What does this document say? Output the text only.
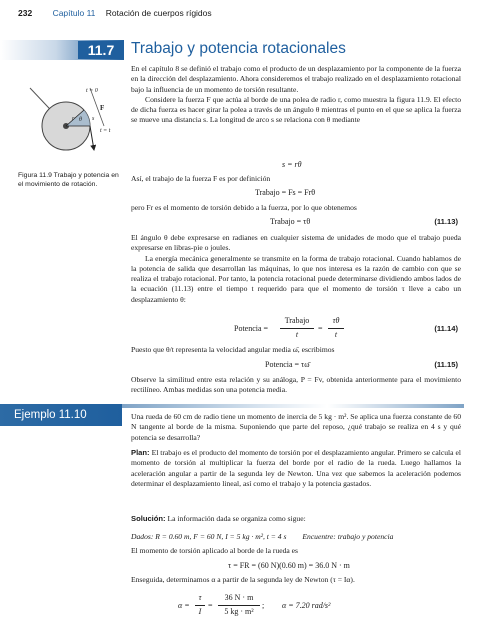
232 Capítulo 11 Rotación de cuerpos rígidos
11.7	Trabajo y potencia rotacionales
t = 0
F
θ
r	s
t = t
Figura 11.9 Trabajo y potencia en el movimiento de rotación.

En el capítulo 8 se definió el trabajo como el producto de un desplazamiento por la componente de la fuerza en la dirección del desplazamiento. Ahora consideremos el trabajo realizado en el desplazamiento rotacional bajo la influencia de un momento de torsión resultante.

Considere la fuerza F que actúa al borde de una polea de radio r, como muestra la figura 11.9. El efecto de dicha fuerza es hacer girar la polea a través de un ángulo θ mientras el punto en el que se aplica la fuerza se mueve una distancia s. La longitud de arco s se relaciona con θ mediante

s = rθ

Así, el trabajo de la fuerza F es por definición

Trabajo = Fs = Frθ

pero Fr es el momento de torsión debido a la fuerza, por lo que obtenemos

Trabajo = τθ	(11.13)

El ángulo θ debe expresarse en radianes en cualquier sistema de unidades de modo que el trabajo pueda expresarse en libras-pie o joules.

La energía mecánica generalmente se transmite en la forma de trabajo rotacional. Cuando hablamos de la potencia de salida que desarrollan las máquinas, lo que nos interesa es la razón de cambio con que se realiza el trabajo rotacional. Por tanto, la potencia rotacional puede determinarse dividiendo ambos lados de la ecuación (11.13) entre el tiempo t requerido para que el momento de torsión τ lleve a cabo un desplazamiento θ:

Potencia =
Trabajo
t
=
τθ
t
(11.14)

Puesto que θ/t representa la velocidad angular media ω̄, escribimos

Potencia = τω̄	(11.15)

Observe la similitud entre esta relación y su análoga, P = Fv, obtenida anteriormente para el movimiento rectilíneo. Ambas medidas son una potencia media.

Ejemplo 11.10	Una rueda de 60 cm de radio tiene un momento de inercia de 5 kg · m². Se aplica una fuerza constante de 60 N tangente al borde de la misma. Suponiendo que parte del reposo, ¿qué trabajo se realiza en 4 s y qué potencia se desarrolla?

Plan: El trabajo es el producto del momento de torsión por el desplazamiento angular. Primero se calcula el momento de torsión al multiplicar la fuerza del borde por el radio de la rueda. Luego hallamos la aceleración angular a partir de la segunda ley de Newton. Una vez que sabemos la aceleración podemos determinar el desplazamiento lineal, así como el trabajo y la potencia gastados.

Solución: La información dada se organiza como sigue:

Dados: R = 0.60 m, F = 60 N, I = 5 kg · m², t = 4 s Encuentre: trabajo y potencia

El momento de torsión aplicado al borde de la rueda es

τ = FR = (60 N)(0.60 m) = 36.0 N · m

Enseguida, determinamos α a partir de la segunda ley de Newton (τ = Iα).

α =
τ
I
=
36 N · m
5 kg · m²
; α = 7.20 rad/s²
